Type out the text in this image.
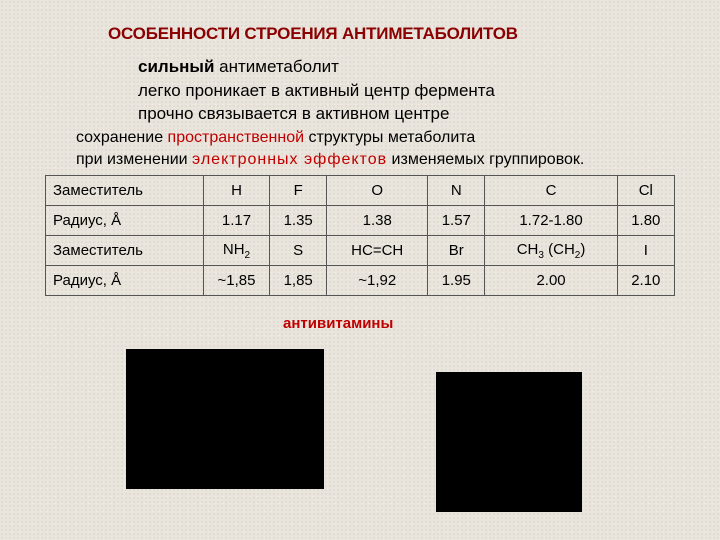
ОСОБЕННОСТИ СТРОЕНИЯ АНТИМЕТАБОЛИТОВ
сильный антиметаболит
легко проникает в активный центр фермента
прочно связывается в активном центре
сохранение пространственной структуры метаболита
при изменении электронных эффектов изменяемых группировок.
Заместитель	H	F	O	N	C	Cl
Радиус, Å	1.17	1.35	1.38	1.57	1.72-1.80	1.80
Заместитель	$NH_2$	S	HC=CH	Br	$CH_3$ $(CH_2)$	I
Радиус, Å	~1,85	1,85	~1,92	1.95	2.00	2.10
антивитамины
